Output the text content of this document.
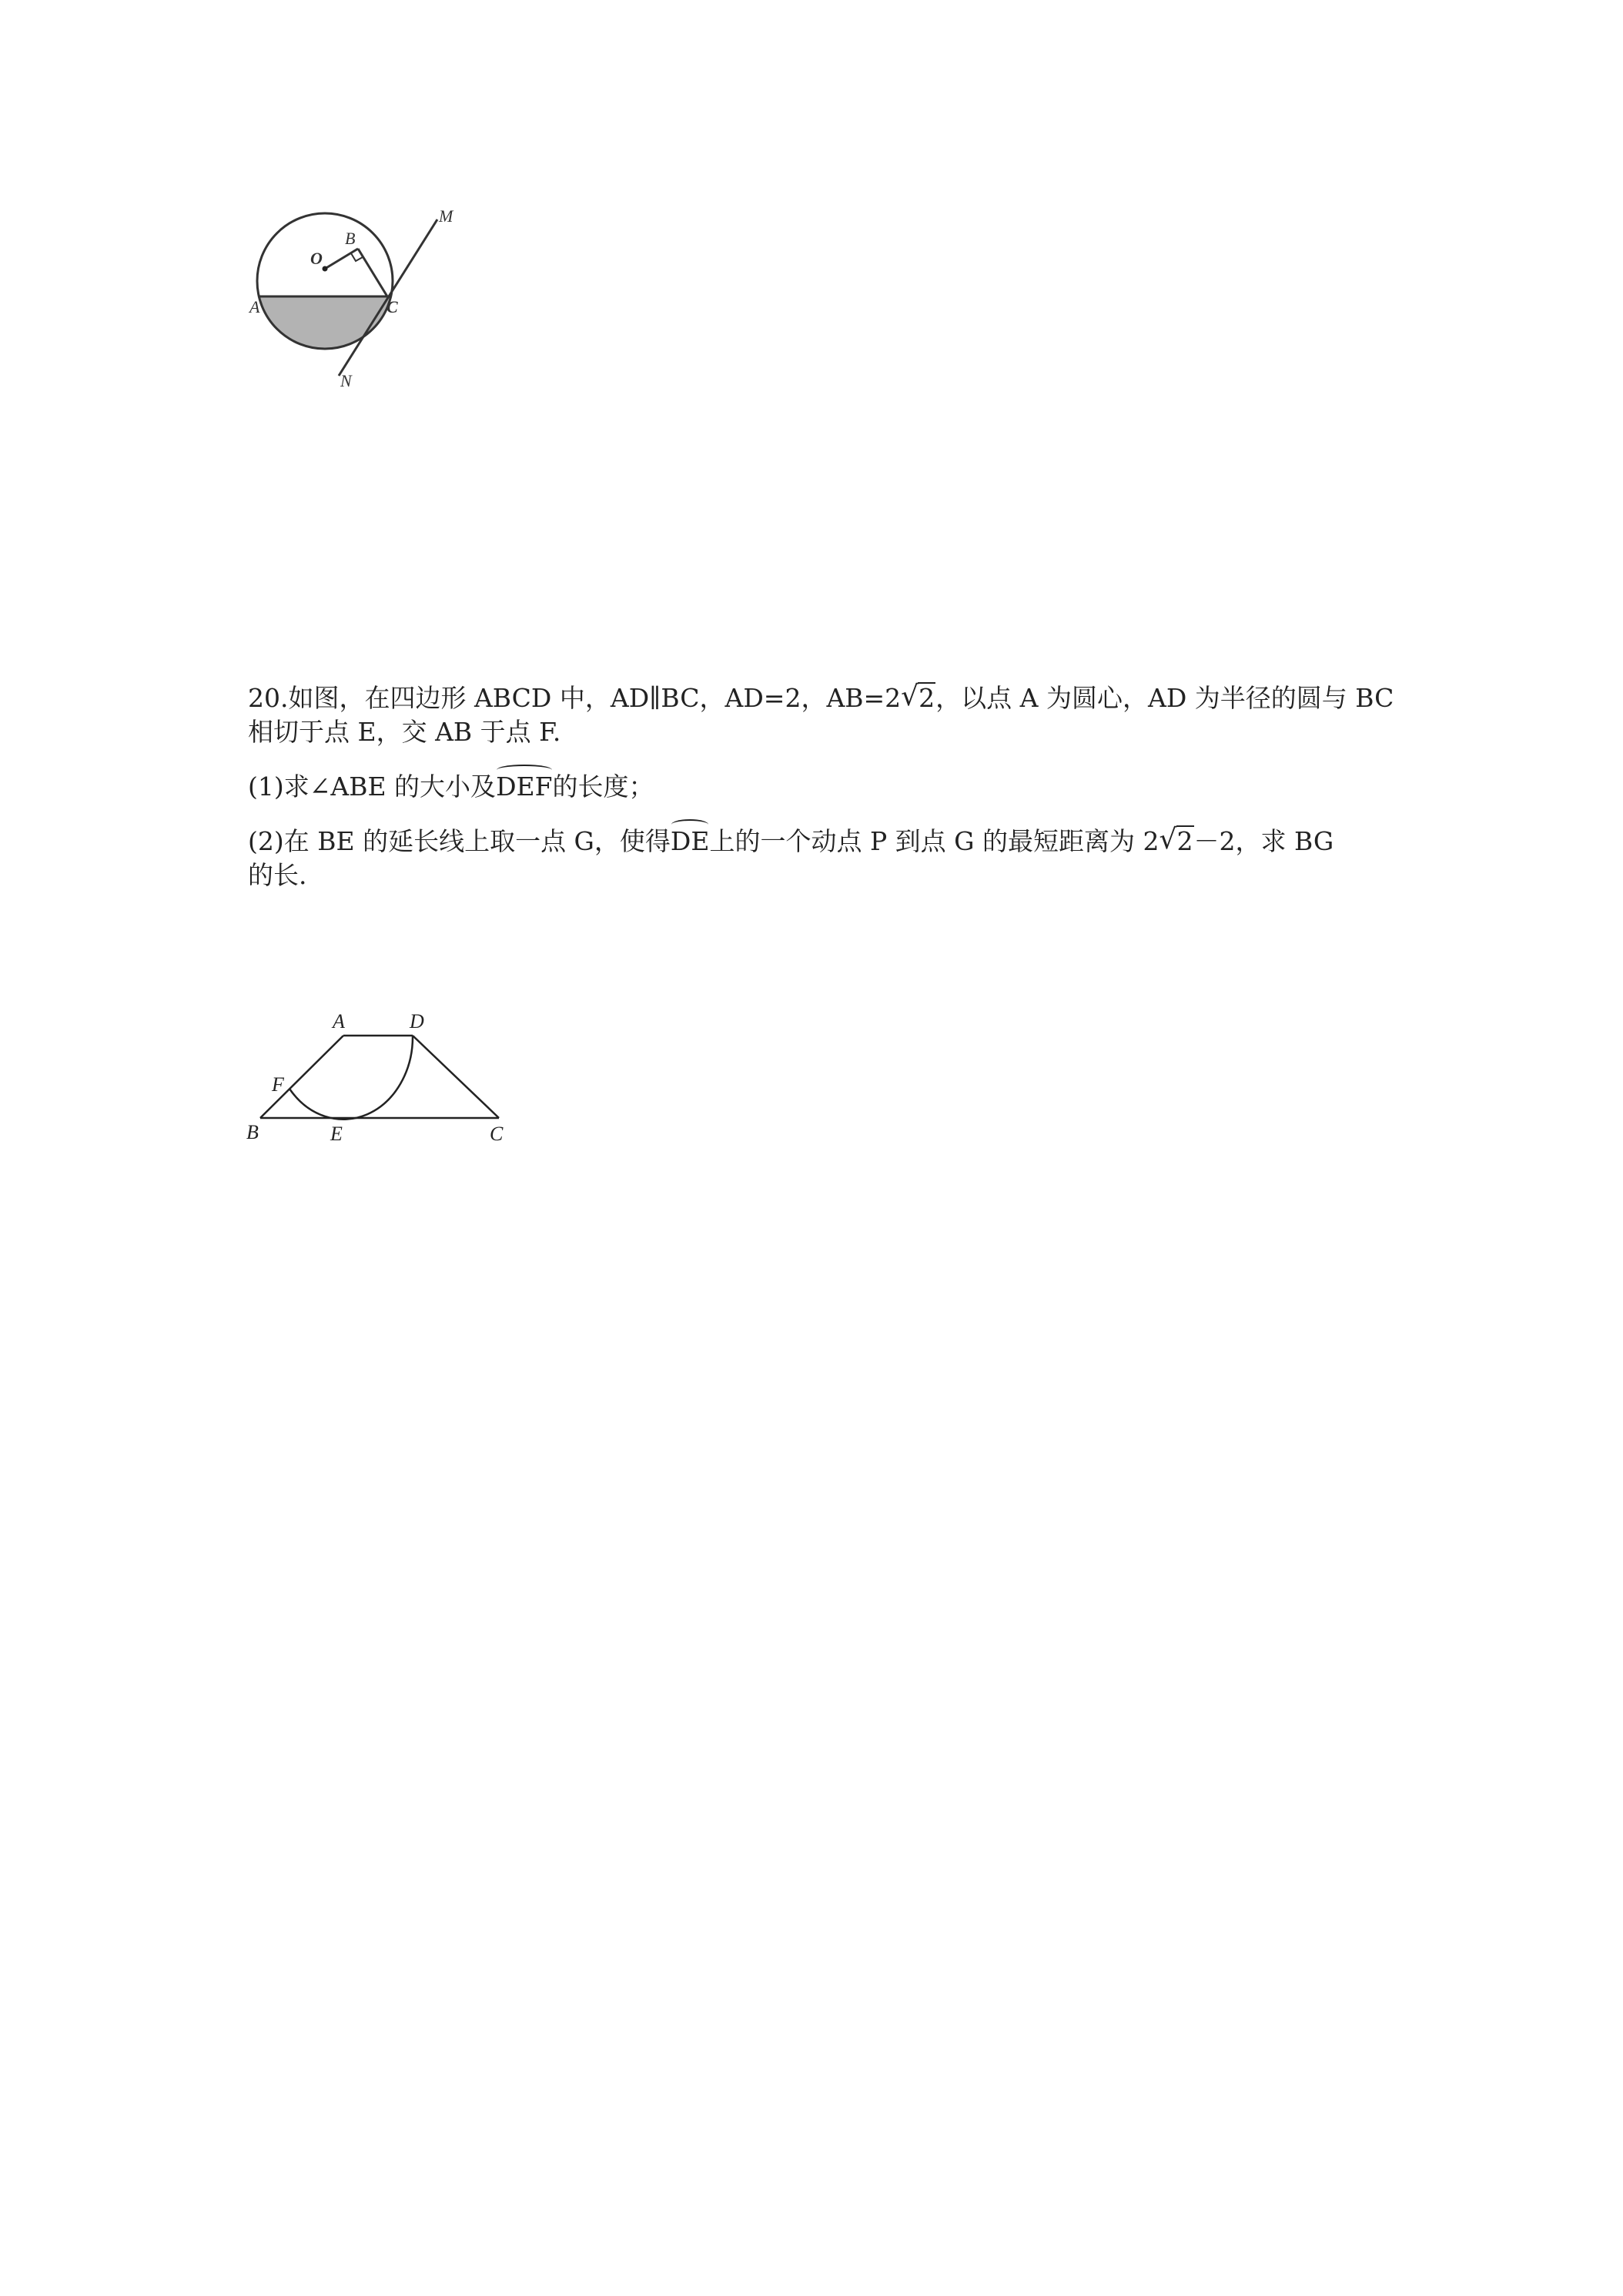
O
B
A	C
M
N

20.如图，在四边形 ABCD 中，AD∥BC，AD=2，AB=2 √ 2，以点 A 为圆心，AD 为半径的圆与 BC
相切于点 E，交 AB 于点 F.

(1)求∠ABE 的大小及DEF的长度；

(2)在 BE 的延长线上取一点 G，使得DE上的一个动点 P 到点 G 的最短距离为 2 √ 2－2，求 BG
的长.

A	D
F
B	E	C
